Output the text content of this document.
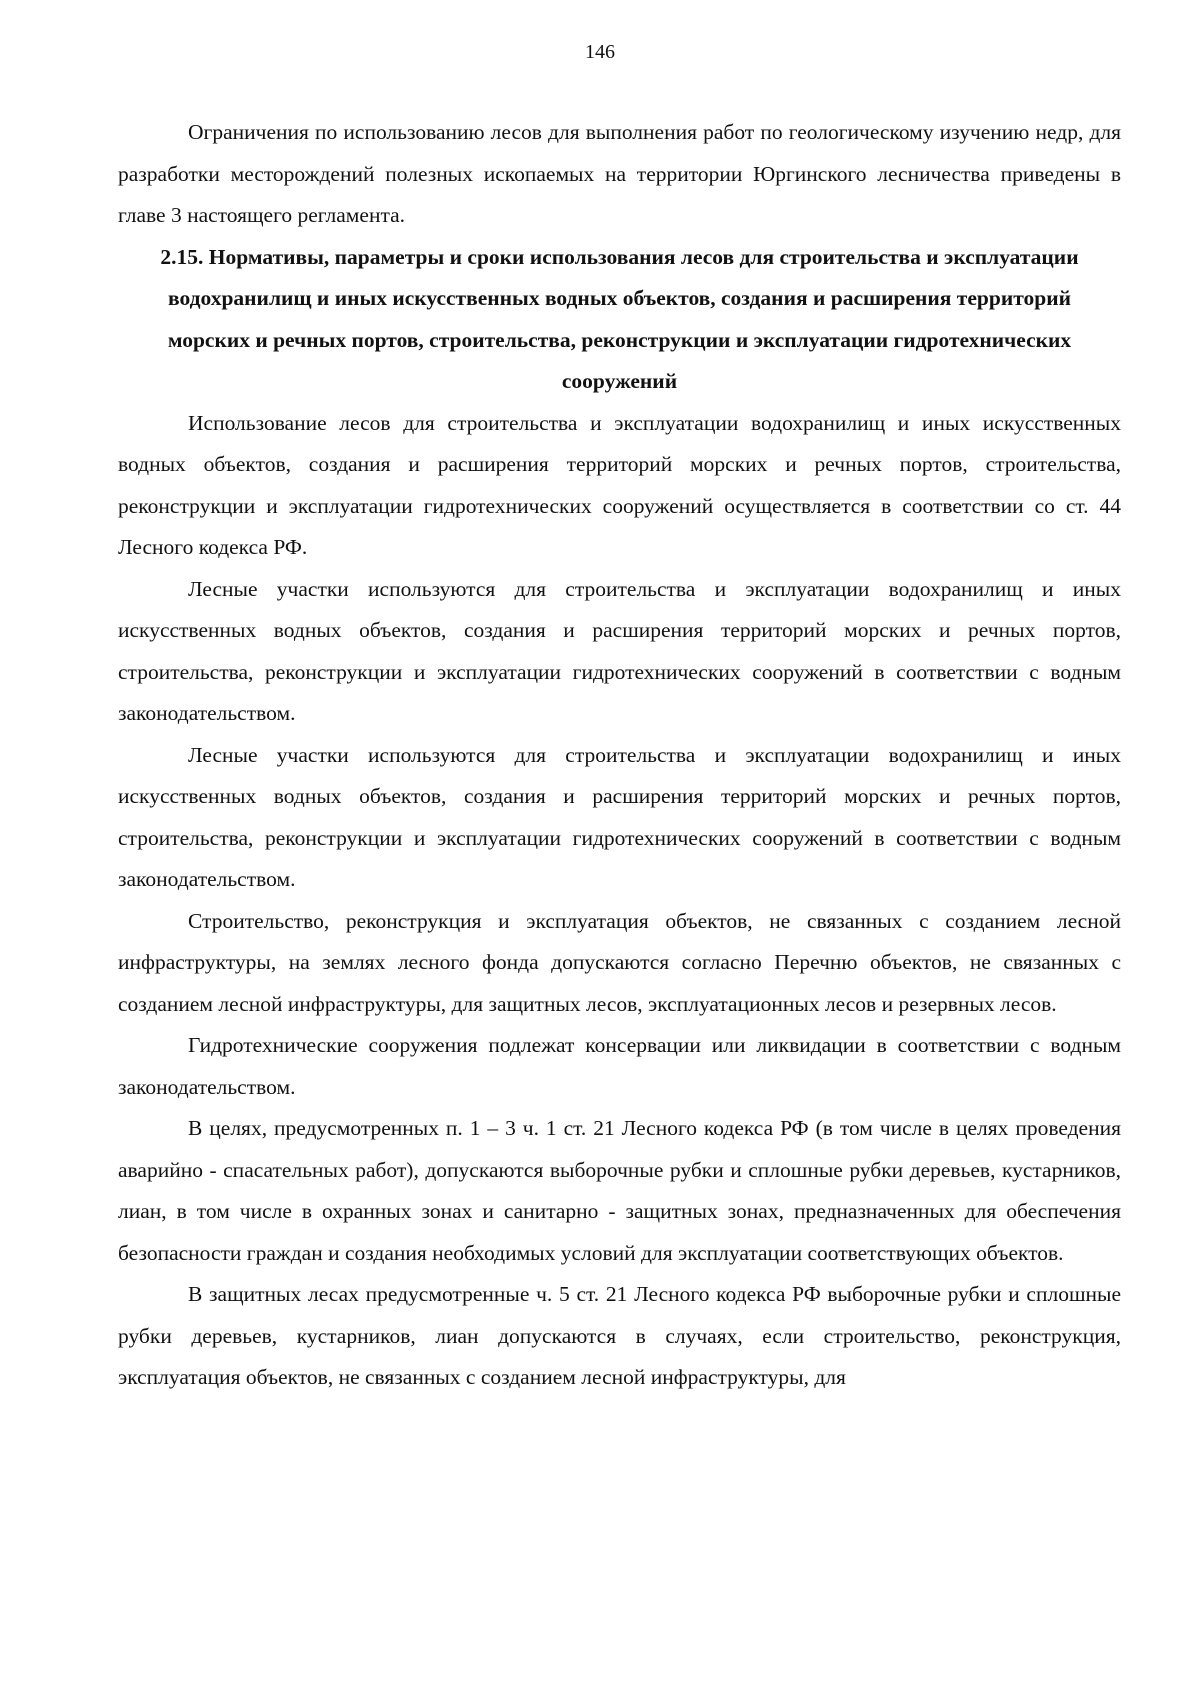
146

Ограничения по использованию лесов для выполнения работ по геологическому изучению недр, для разработки месторождений полезных ископаемых на территории Юргинского лесничества приведены в главе 3 настоящего регламента.

2.15. Нормативы, параметры и сроки использования лесов для строительства и эксплуатации водохранилищ и иных искусственных водных объектов, создания и расширения территорий морских и речных портов, строительства, реконструкции и эксплуатации гидротехнических сооружений

Использование лесов для строительства и эксплуатации водохранилищ и иных искусственных водных объектов, создания и расширения территорий морских и речных портов, строительства, реконструкции и эксплуатации гидротехнических сооружений осуществляется в соответствии со ст. 44 Лесного кодекса РФ.

Лесные участки используются для строительства и эксплуатации водохранилищ и иных искусственных водных объектов, создания и расширения территорий морских и речных портов, строительства, реконструкции и эксплуатации гидротехнических сооружений в соответствии с водным законодательством.

Лесные участки используются для строительства и эксплуатации водохранилищ и иных искусственных водных объектов, создания и расширения территорий морских и речных портов, строительства, реконструкции и эксплуатации гидротехнических сооружений в соответствии с водным законодательством.

Строительство, реконструкция и эксплуатация объектов, не связанных с созданием лесной инфраструктуры, на землях лесного фонда допускаются согласно Перечню объектов, не связанных с созданием лесной инфраструктуры, для защитных лесов, эксплуатационных лесов и резервных лесов.

Гидротехнические сооружения подлежат консервации или ликвидации в соответствии с водным законодательством.

В целях, предусмотренных п. 1 – 3 ч. 1 ст. 21 Лесного кодекса РФ (в том числе в целях проведения аварийно - спасательных работ), допускаются выборочные рубки и сплошные рубки деревьев, кустарников, лиан, в том числе в охранных зонах и санитарно - защитных зонах, предназначенных для обеспечения безопасности граждан и создания необходимых условий для эксплуатации соответствующих объектов.

В защитных лесах предусмотренные ч. 5 ст. 21 Лесного кодекса РФ выборочные рубки и сплошные рубки деревьев, кустарников, лиан допускаются в случаях, если строительство, реконструкция, эксплуатация объектов, не связанных с созданием лесной инфраструктуры, для
